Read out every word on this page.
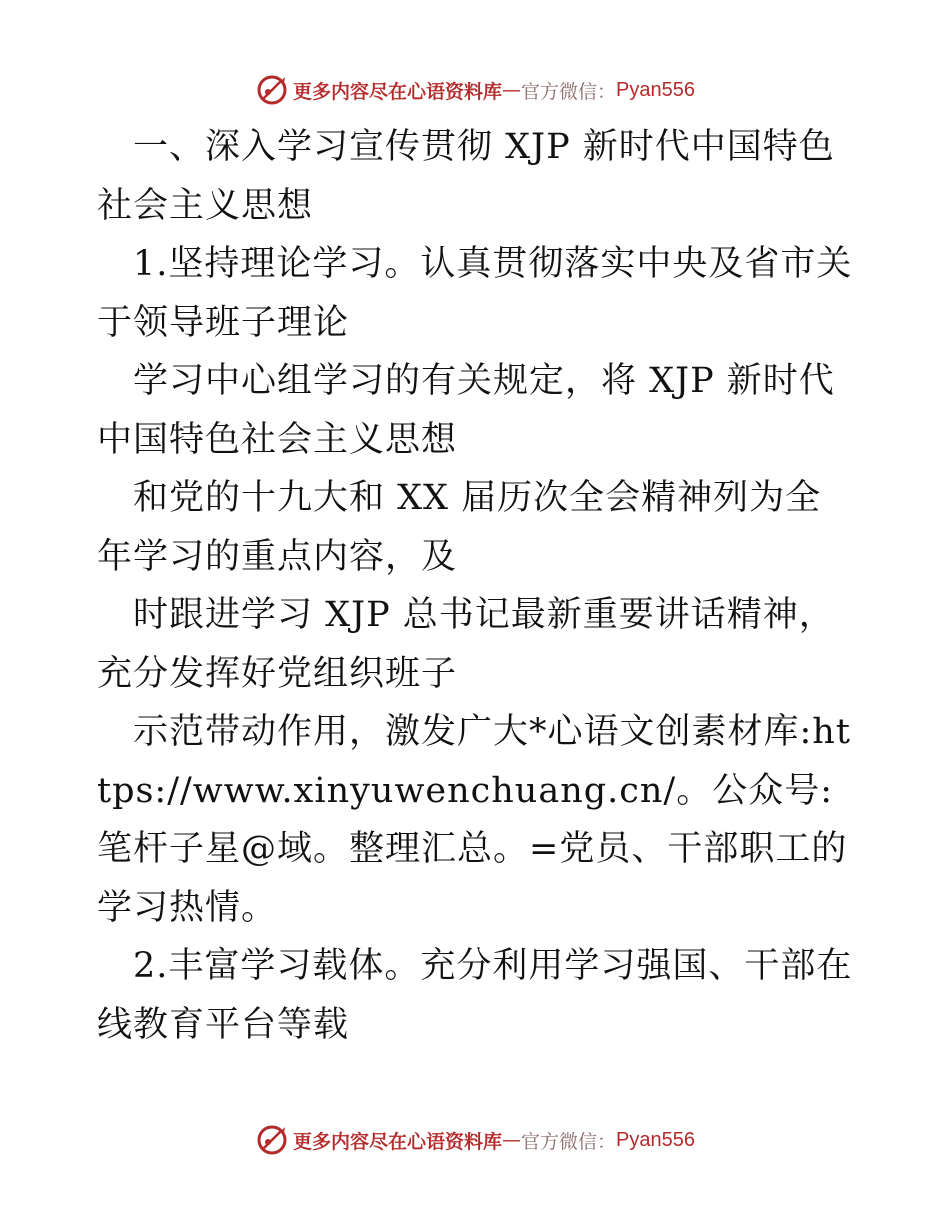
更多内容尽在心语资料库 — 官方微信： Pyan556

一、深入学习宣传贯彻 XJP 新时代中国特色社会主义思想

1.坚持理论学习。认真贯彻落实中央及省市关于领导班子理论

学习中心组学习的有关规定，将 XJP 新时代中国特色社会主义思想

和党的十九大和 XX 届历次全会精神列为全年学习的重点内容，及

时跟进学习 XJP 总书记最新重要讲话精神，充分发挥好党组织班子

示范带动作用，激发广大*心语文创素材库:https://www.xinyuwenchuang.cn/。公众号: 笔杆子星@域。整理汇总。=党员、干部职工的学习热情。

2.丰富学习载体。充分利用学习强国、干部在线教育平台等载

更多内容尽在心语资料库 — 官方微信： Pyan556
